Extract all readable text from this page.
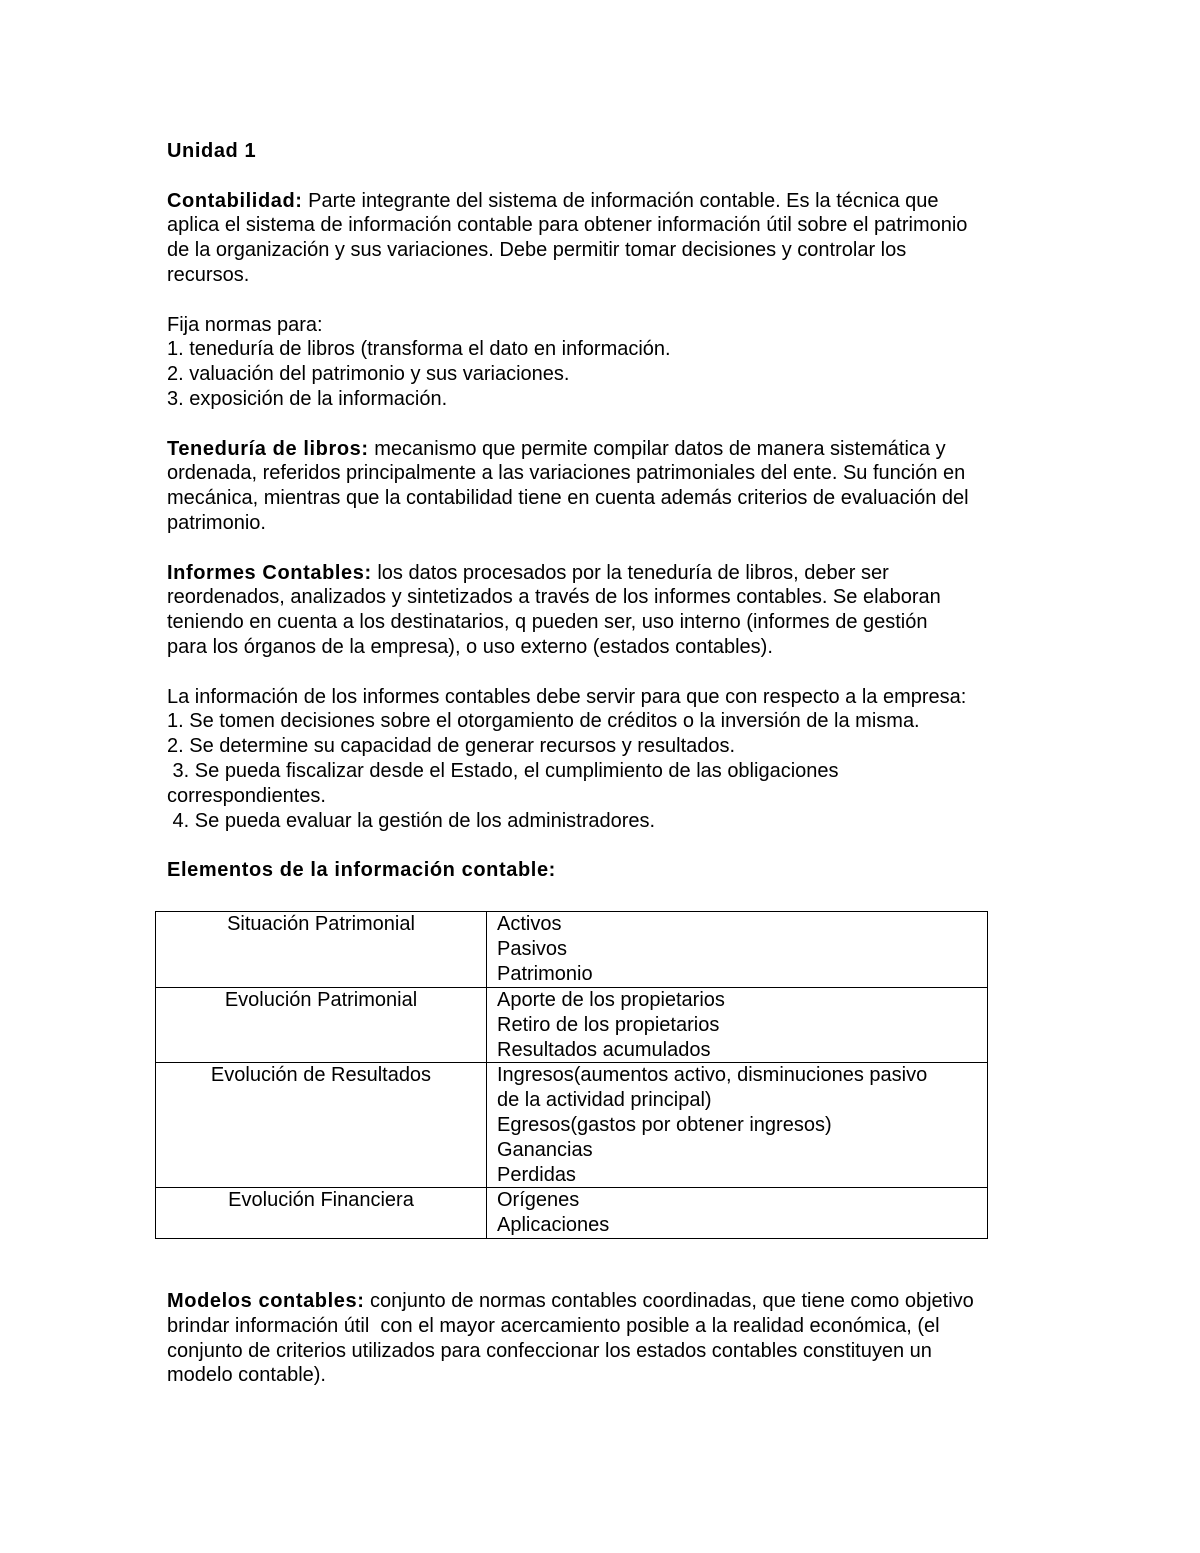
Unidad 1

Contabilidad: Parte integrante del sistema de información contable. Es la técnica que

aplica el sistema de información contable para obtener información útil sobre el patrimonio

de la organización y sus variaciones. Debe permitir tomar decisiones y controlar los

recursos.

Fija normas para:

1. teneduría de libros (transforma el dato en información.

2. valuación del patrimonio y sus variaciones.

3. exposición de la información.

Teneduría de libros: mecanismo que permite compilar datos de manera sistemática y

ordenada, referidos principalmente a las variaciones patrimoniales del ente. Su función en

mecánica, mientras que la contabilidad tiene en cuenta además criterios de evaluación del

patrimonio.

Informes Contables: los datos procesados por la teneduría de libros, deber ser

reordenados, analizados y sintetizados a través de los informes contables. Se elaboran

teniendo en cuenta a los destinatarios, q pueden ser, uso interno (informes de gestión

para los órganos de la empresa), o uso externo (estados contables).

La información de los informes contables debe servir para que con respecto a la empresa:

1. Se tomen decisiones sobre el otorgamiento de créditos o la inversión de la misma.

2. Se determine su capacidad de generar recursos y resultados.

3. Se pueda fiscalizar desde el Estado, el cumplimiento de las obligaciones

correspondientes.

4. Se pueda evaluar la gestión de los administradores.

Elementos de la información contable:

Situación Patrimonial	Activos
Pasivos
Patrimonio

Evolución Patrimonial	Aporte de los propietarios
Retiro de los propietarios
Resultados acumulados

Evolución de Resultados	Ingresos(aumentos activo, disminuciones pasivo
de la actividad principal)
Egresos(gastos por obtener ingresos)
Ganancias
Perdidas

Evolución Financiera	Orígenes
Aplicaciones

Modelos contables: conjunto de normas contables coordinadas, que tiene como objetivo

brindar información útil  con el mayor acercamiento posible a la realidad económica, (el

conjunto de criterios utilizados para confeccionar los estados contables constituyen un

modelo contable).
